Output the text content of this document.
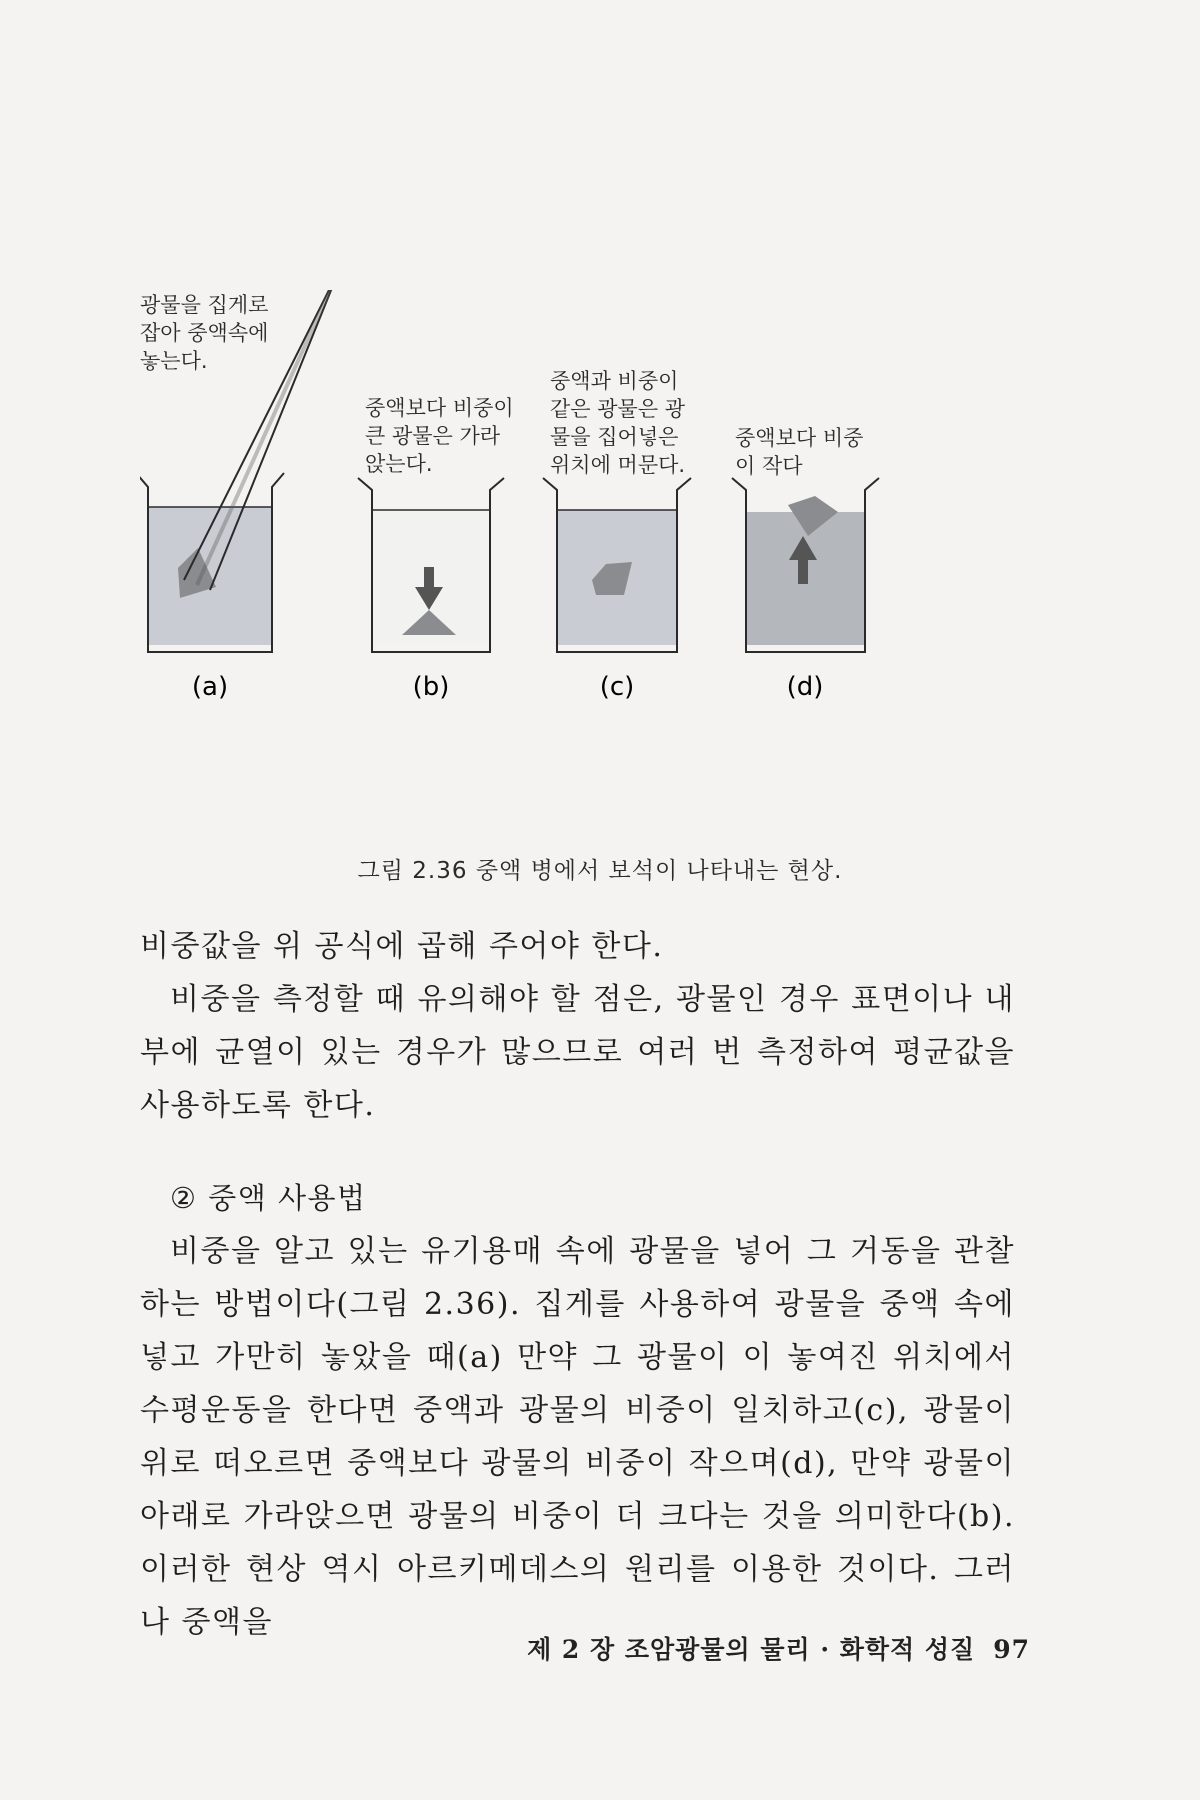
광물을 집게로 잡아 중액속에 놓는다.
중액보다 비중이 큰 광물은 가라 앉는다.
중액과 비중이 같은 광물은 광 물을 집어넣은 위치에 머문다.
중액보다 비중 이 작다
(a)	(b)	(c)	(d)
그림 2.36 중액 병에서 보석이 나타내는 현상.

비중값을 위 공식에 곱해 주어야 한다.

비중을 측정할 때 유의해야 할 점은, 광물인 경우 표면이나 내부에 균열이 있는 경우가 많으므로 여러 번 측정하여 평균값을 사용하도록 한다.

② 중액 사용법

비중을 알고 있는 유기용매 속에 광물을 넣어 그 거동을 관찰하는 방법이다(그림 2.36). 집게를 사용하여 광물을 중액 속에 넣고 가만히 놓았을 때(a) 만약 그 광물이 이 놓여진 위치에서 수평운동을 한다면 중액과 광물의 비중이 일치하고(c), 광물이 위로 떠오르면 중액보다 광물의 비중이 작으며(d), 만약 광물이 아래로 가라앉으면 광물의 비중이 더 크다는 것을 의미한다(b). 이러한 현상 역시 아르키메데스의 원리를 이용한 것이다. 그러나 중액을

제 2 장 조암광물의 물리 · 화학적 성질 97
